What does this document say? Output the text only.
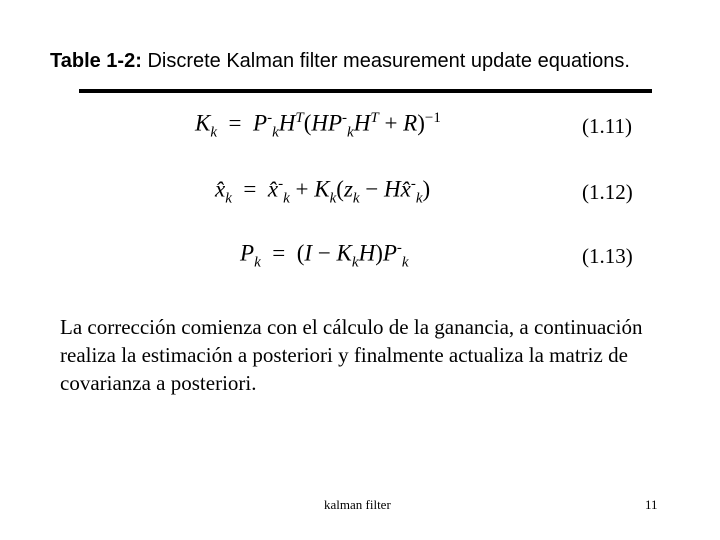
Table 1-2: Discrete Kalman filter measurement update equations.
$K_k = P^-_kH^T(HP^-_kH^T + R)^{-1}$	(1.11)
$x̂_k$  =  $x̂^-_k + K_k(z_k$ − $Hx̂^-_k$)	(1.12)
$P_k = (I - K_kH)P^-_k$	(1.13)
La corrección comienza con el cálculo de la ganancia, a continuación realiza la estimación a posteriori y finalmente actualiza la matriz de covarianza a posteriori.
kalman filter	11
